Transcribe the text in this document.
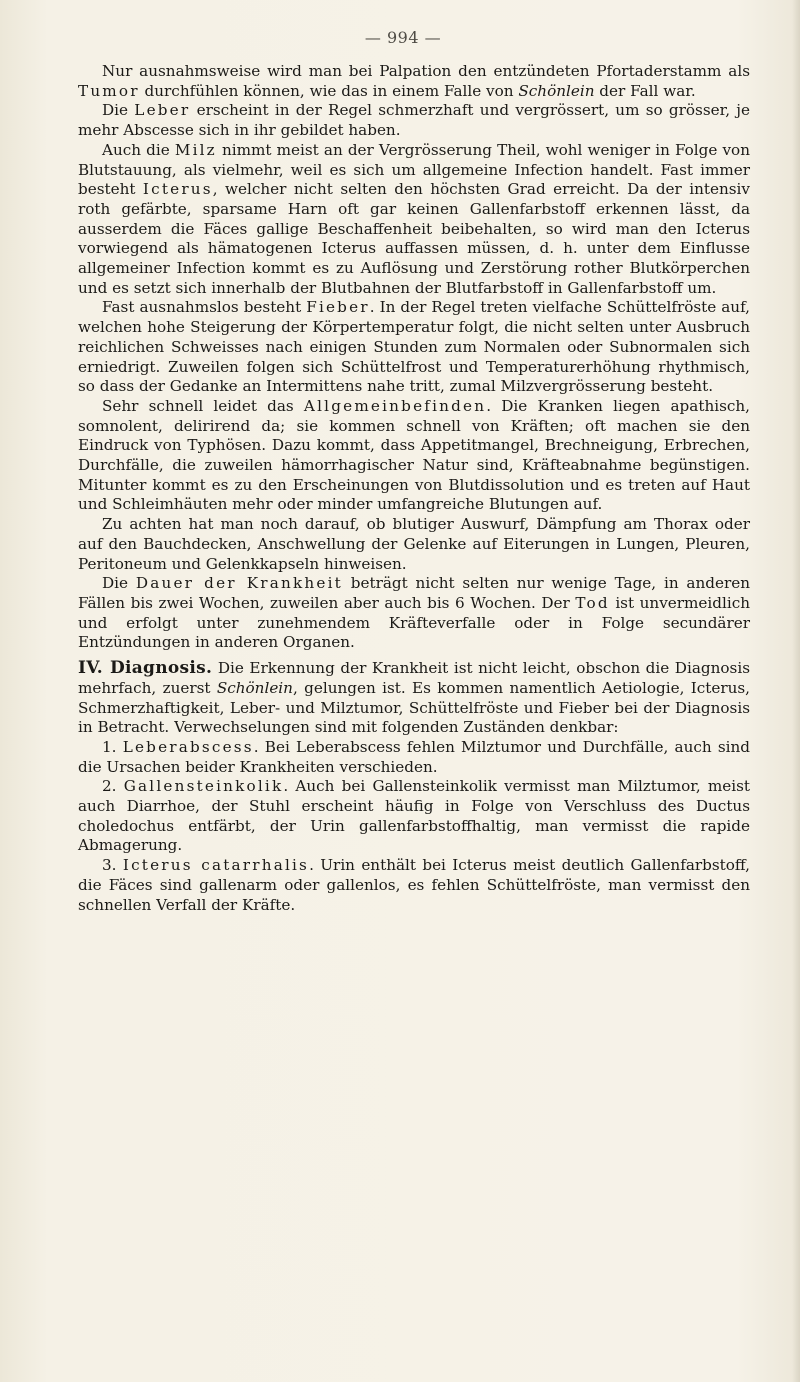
— 994 —

Nur ausnahmsweise wird man bei Palpation den entzündeten Pfortaderstamm als Tumor durchfühlen können, wie das in einem Falle von Schönlein der Fall war.

Die Leber erscheint in der Regel schmerzhaft und vergrössert, um so grösser, je mehr Abscesse sich in ihr gebildet haben.

Auch die Milz nimmt meist an der Vergrösserung Theil, wohl weniger in Folge von Blutstauung, als vielmehr, weil es sich um allgemeine Infection handelt. Fast immer besteht Icterus, welcher nicht selten den höchsten Grad erreicht. Da der intensiv roth gefärbte, sparsame Harn oft gar keinen Gallenfarbstoff erkennen lässt, da ausserdem die Fäces gallige Beschaffenheit beibehalten, so wird man den Icterus vorwiegend als hämatogenen Icterus auffassen müssen, d. h. unter dem Einflusse allgemeiner Infection kommt es zu Auflösung und Zerstörung rother Blutkörperchen und es setzt sich innerhalb der Blutbahnen der Blutfarbstoff in Gallenfarbstoff um.

Fast ausnahmslos besteht Fieber. In der Regel treten vielfache Schüttelfröste auf, welchen hohe Steigerung der Körpertemperatur folgt, die nicht selten unter Ausbruch reichlichen Schweisses nach einigen Stunden zum Normalen oder Subnormalen sich erniedrigt. Zuweilen folgen sich Schüttelfrost und Temperaturerhöhung rhythmisch, so dass der Gedanke an Intermittens nahe tritt, zumal Milzvergrösserung besteht.

Sehr schnell leidet das Allgemeinbefinden. Die Kranken liegen apathisch, somnolent, delirirend da; sie kommen schnell von Kräften; oft machen sie den Eindruck von Typhösen. Dazu kommt, dass Appetitmangel, Brechneigung, Erbrechen, Durchfälle, die zuweilen hämorrhagischer Natur sind, Kräfteabnahme begünstigen. Mitunter kommt es zu den Erscheinungen von Blutdissolution und es treten auf Haut und Schleimhäuten mehr oder minder umfangreiche Blutungen auf.

Zu achten hat man noch darauf, ob blutiger Auswurf, Dämpfung am Thorax oder auf den Bauchdecken, Anschwellung der Gelenke auf Eiterungen in Lungen, Pleuren, Peritoneum und Gelenkkapseln hinweisen.

Die Dauer der Krankheit beträgt nicht selten nur wenige Tage, in anderen Fällen bis zwei Wochen, zuweilen aber auch bis 6 Wochen. Der Tod ist unvermeidlich und erfolgt unter zunehmendem Kräfteverfalle oder in Folge secundärer Entzündungen in anderen Organen.

IV. Diagnosis. Die Erkennung der Krankheit ist nicht leicht, obschon die Diagnosis mehrfach, zuerst Schönlein, gelungen ist. Es kommen namentlich Aetiologie, Icterus, Schmerzhaftigkeit, Leber- und Milztumor, Schüttelfröste und Fieber bei der Diagnosis in Betracht. Verwechselungen sind mit folgenden Zuständen denkbar:

1. Leberabscess. Bei Leberabscess fehlen Milztumor und Durchfälle, auch sind die Ursachen beider Krankheiten verschieden.

2. Gallensteinkolik. Auch bei Gallensteinkolik vermisst man Milztumor, meist auch Diarrhoe, der Stuhl erscheint häufig in Folge von Verschluss des Ductus choledochus entfärbt, der Urin gallenfarbstoffhaltig, man vermisst die rapide Abmagerung.

3. Icterus catarrhalis. Urin enthält bei Icterus meist deutlich Gallenfarbstoff, die Fäces sind gallenarm oder gallenlos, es fehlen Schüttelfröste, man vermisst den schnellen Verfall der Kräfte.
